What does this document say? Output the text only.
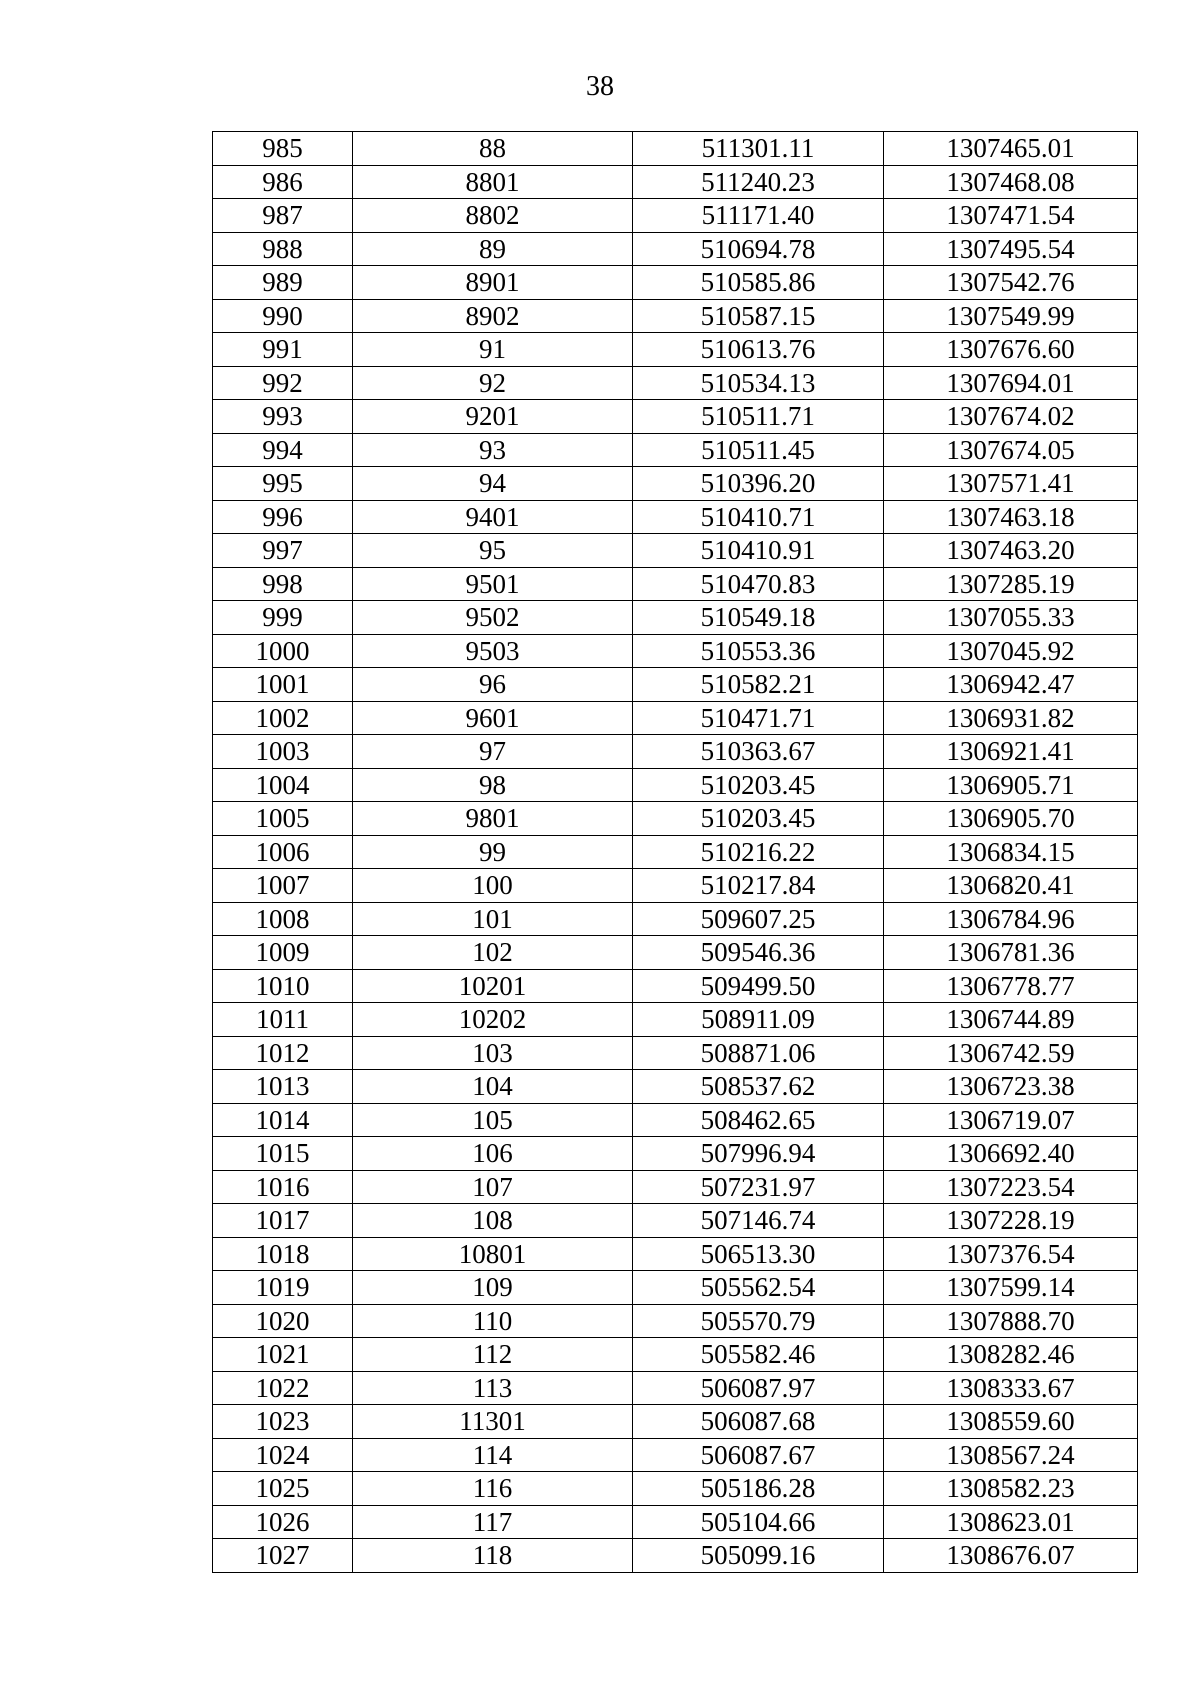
38
985	88	511301.11	1307465.01
986	8801	511240.23	1307468.08
987	8802	511171.40	1307471.54
988	89	510694.78	1307495.54
989	8901	510585.86	1307542.76
990	8902	510587.15	1307549.99
991	91	510613.76	1307676.60
992	92	510534.13	1307694.01
993	9201	510511.71	1307674.02
994	93	510511.45	1307674.05
995	94	510396.20	1307571.41
996	9401	510410.71	1307463.18
997	95	510410.91	1307463.20
998	9501	510470.83	1307285.19
999	9502	510549.18	1307055.33
1000	9503	510553.36	1307045.92
1001	96	510582.21	1306942.47
1002	9601	510471.71	1306931.82
1003	97	510363.67	1306921.41
1004	98	510203.45	1306905.71
1005	9801	510203.45	1306905.70
1006	99	510216.22	1306834.15
1007	100	510217.84	1306820.41
1008	101	509607.25	1306784.96
1009	102	509546.36	1306781.36
1010	10201	509499.50	1306778.77
1011	10202	508911.09	1306744.89
1012	103	508871.06	1306742.59
1013	104	508537.62	1306723.38
1014	105	508462.65	1306719.07
1015	106	507996.94	1306692.40
1016	107	507231.97	1307223.54
1017	108	507146.74	1307228.19
1018	10801	506513.30	1307376.54
1019	109	505562.54	1307599.14
1020	110	505570.79	1307888.70
1021	112	505582.46	1308282.46
1022	113	506087.97	1308333.67
1023	11301	506087.68	1308559.60
1024	114	506087.67	1308567.24
1025	116	505186.28	1308582.23
1026	117	505104.66	1308623.01
1027	118	505099.16	1308676.07
